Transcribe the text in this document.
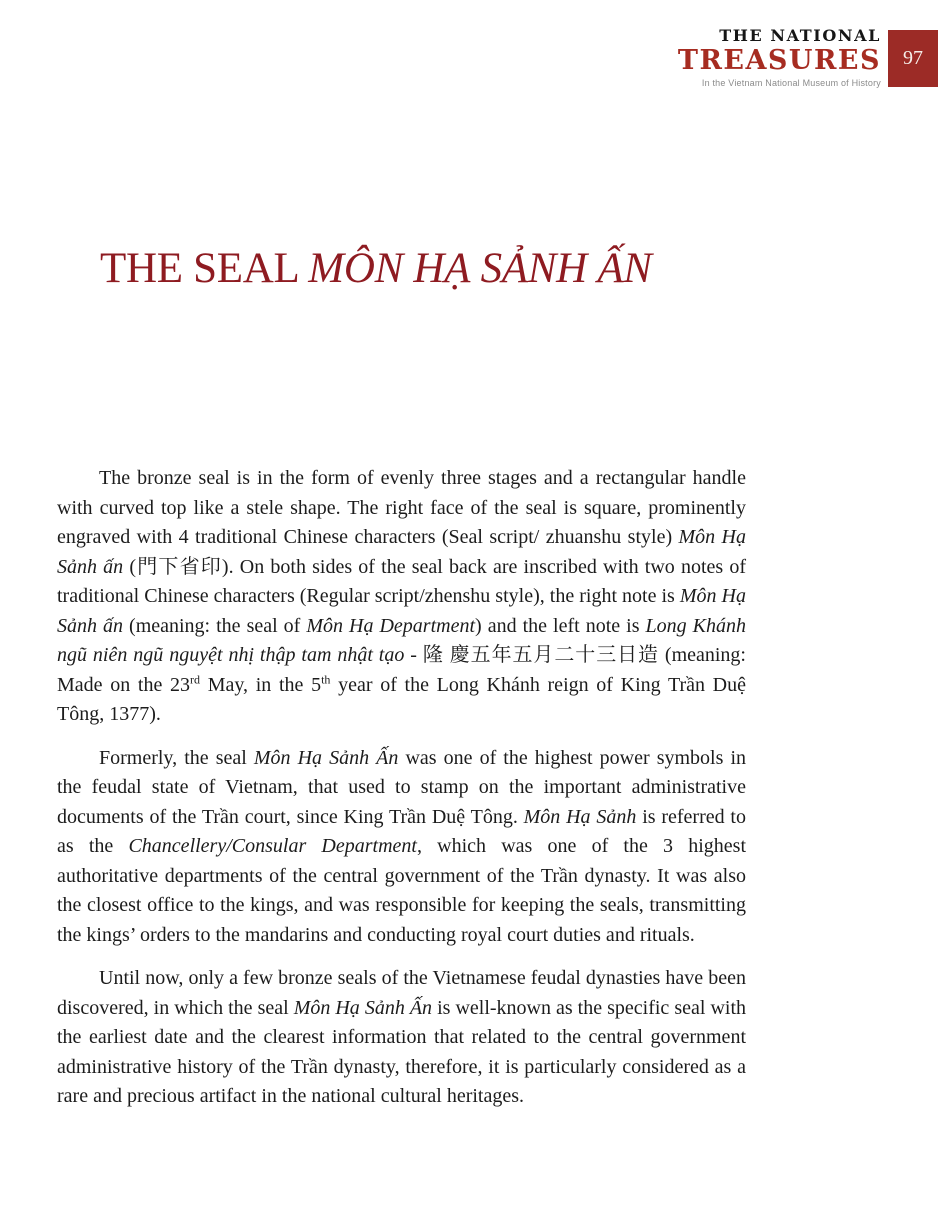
THE NATIONAL
TREASURES
In the Vietnam National Museum of History
97
THE SEAL MÔN HẠ SẢNH ẤN

The bronze seal is in the form of evenly three stages and a rectangular handle with curved top like a stele shape. The right face of the seal is square, prominently engraved with 4 traditional Chinese characters (Seal script/ zhuanshu style) Môn Hạ Sảnh ấn (門下省印). On both sides of the seal back are inscribed with two notes of traditional Chinese characters (Regular script/zhenshu style), the right note is Môn Hạ Sảnh ấn (meaning: the seal of Môn Hạ Department) and the left note is Long Khánh ngũ niên ngũ nguyệt nhị thập tam nhật tạo - 隆 慶五年五月二十三日造 (meaning: Made on the 23rd May, in the 5th year of the Long Khánh reign of King Trần Duệ Tông, 1377).

Formerly, the seal Môn Hạ Sảnh Ấn was one of the highest power symbols in the feudal state of Vietnam, that used to stamp on the important administrative documents of the Trần court, since King Trần Duệ Tông. Môn Hạ Sảnh is referred to as the Chancellery/Consular Department, which was one of the 3 highest authoritative departments of the central government of the Trần dynasty. It was also the closest office to the kings, and was responsible for keeping the seals, transmitting the kings’ orders to the mandarins and conducting royal court duties and rituals.

Until now, only a few bronze seals of the Vietnamese feudal dynasties have been discovered, in which the seal Môn Hạ Sảnh Ấn is well-known as the specific seal with the earliest date and the clearest information that related to the central government administrative history of the Trần dynasty, therefore, it is particularly considered as a rare and precious artifact in the national cultural heritages.
